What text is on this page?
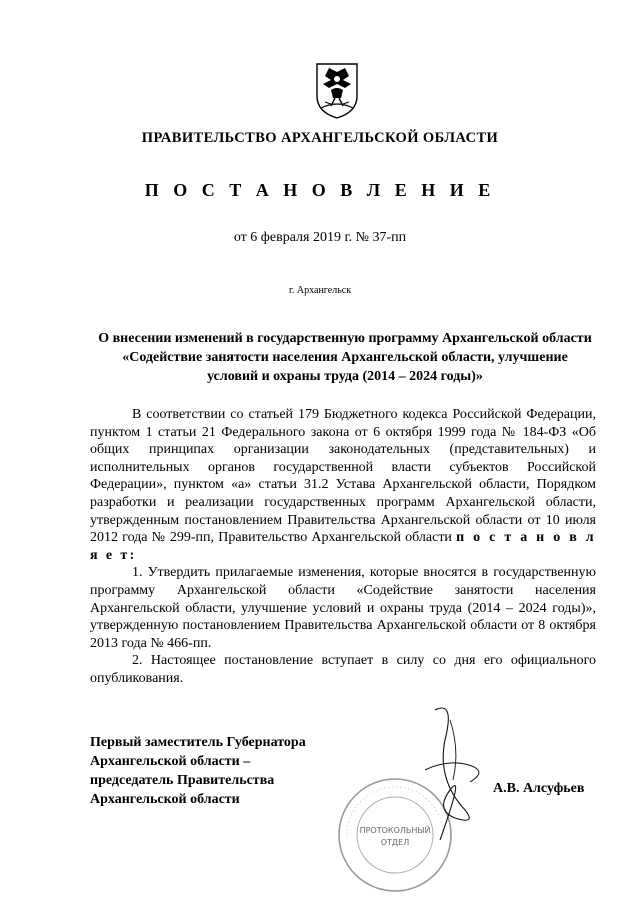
ПРАВИТЕЛЬСТВО АРХАНГЕЛЬСКОЙ ОБЛАСТИ
П О С Т А Н О В Л Е Н И Е
от 6 февраля 2019 г. № 37-пп
г. Архангельск
О внесении изменений в государственную программу Архангельской области «Содействие занятости населения Архангельской области, улучшение условий и охраны труда (2014 – 2024 годы)»

В соответствии со статьей 179 Бюджетного кодекса Российской Федерации, пунктом 1 статьи 21 Федерального закона от 6 октября 1999 года № 184-ФЗ «Об общих принципах организации законодательных (представительных) и исполнительных органов государственной власти субъектов Российской Федерации», пунктом «а» статьи 31.2 Устава Архангельской области, Порядком разработки и реализации государственных программ Архангельской области, утвержденным постановлением Правительства Архангельской области от 10 июля 2012 года № 299-пп, Правительство Архангельской области п о с т а н о в л я е т:

1. Утвердить прилагаемые изменения, которые вносятся в государственную программу Архангельской области «Содействие занятости населения Архангельской области, улучшение условий и охраны труда (2014 – 2024 годы)», утвержденную постановлением Правительства Архангельской области от 8 октября 2013 года № 466-пп.

2. Настоящее постановление вступает в силу со дня его официального опубликования.

Первый заместитель Губернатора
Архангельской области –
председатель Правительства
Архангельской области
А.В. Алсуфьев
· · · · · · · · · · · · · · · · · · · · · · · · · · · · · · · · · · · · ·
ПРОТОКОЛЬНЫЙ
ОТДЕЛ
